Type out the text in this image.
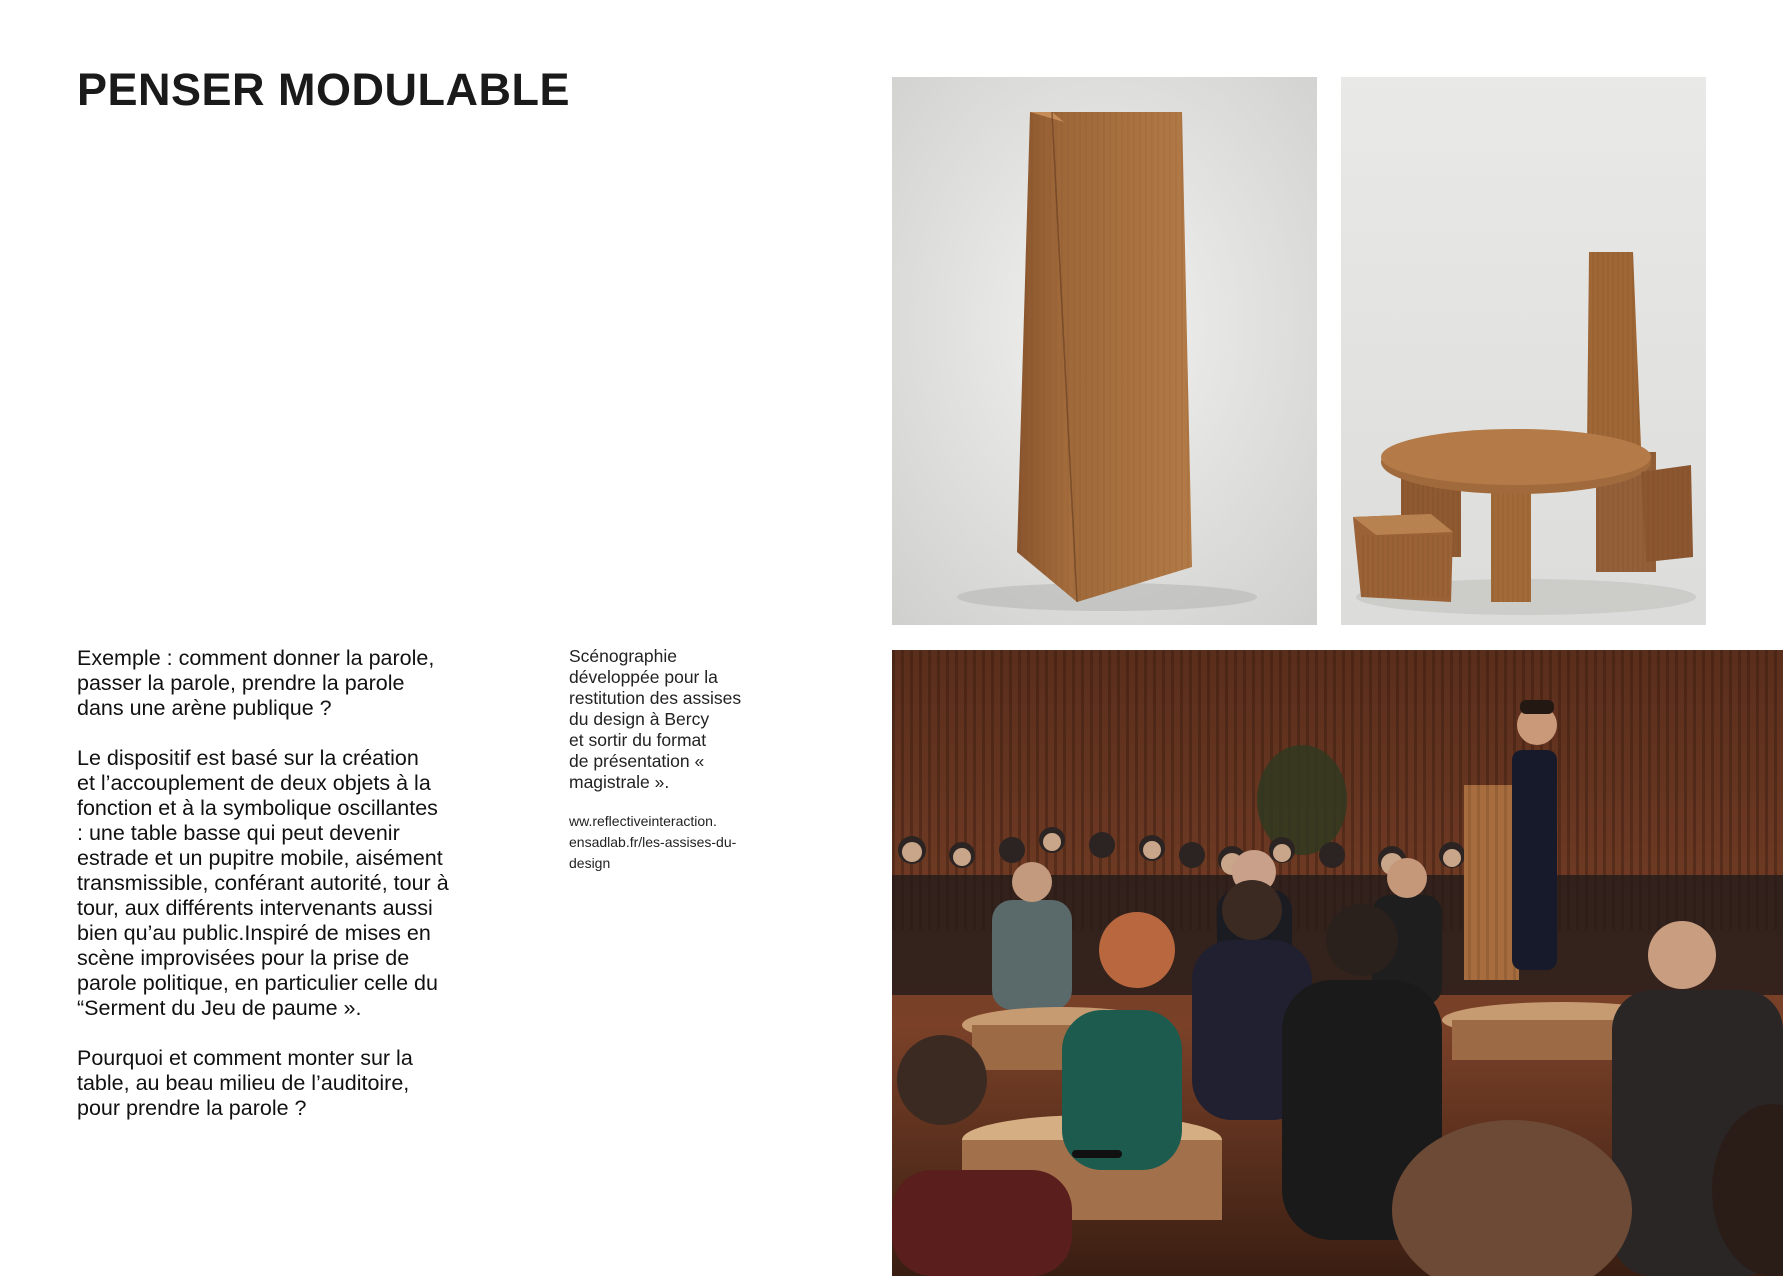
PENSER MODULABLE

Exemple : comment donner la parole,
passer la parole, prendre la parole
dans une arène publique ?

Le dispositif est basé sur la création
et l’accouplement de deux objets à la
fonction et à la symbolique oscillantes
: une table basse qui peut devenir
estrade et un pupitre mobile, aisément
transmissible, conférant autorité, tour à
tour, aux différents intervenants aussi
bien qu’au public.Inspiré de mises en
scène improvisées pour la prise de
parole politique, en particulier celle du
“Serment du Jeu de paume ».

Pourquoi et comment monter sur la
table, au beau milieu de l’auditoire,
pour prendre la parole ?

Scénographie
développée pour la
restitution des assises
du design à Bercy
et sortir du format
de présentation «
magistrale ».

ww.reflectiveinteraction.
ensadlab.fr/les-assises-du-
design
